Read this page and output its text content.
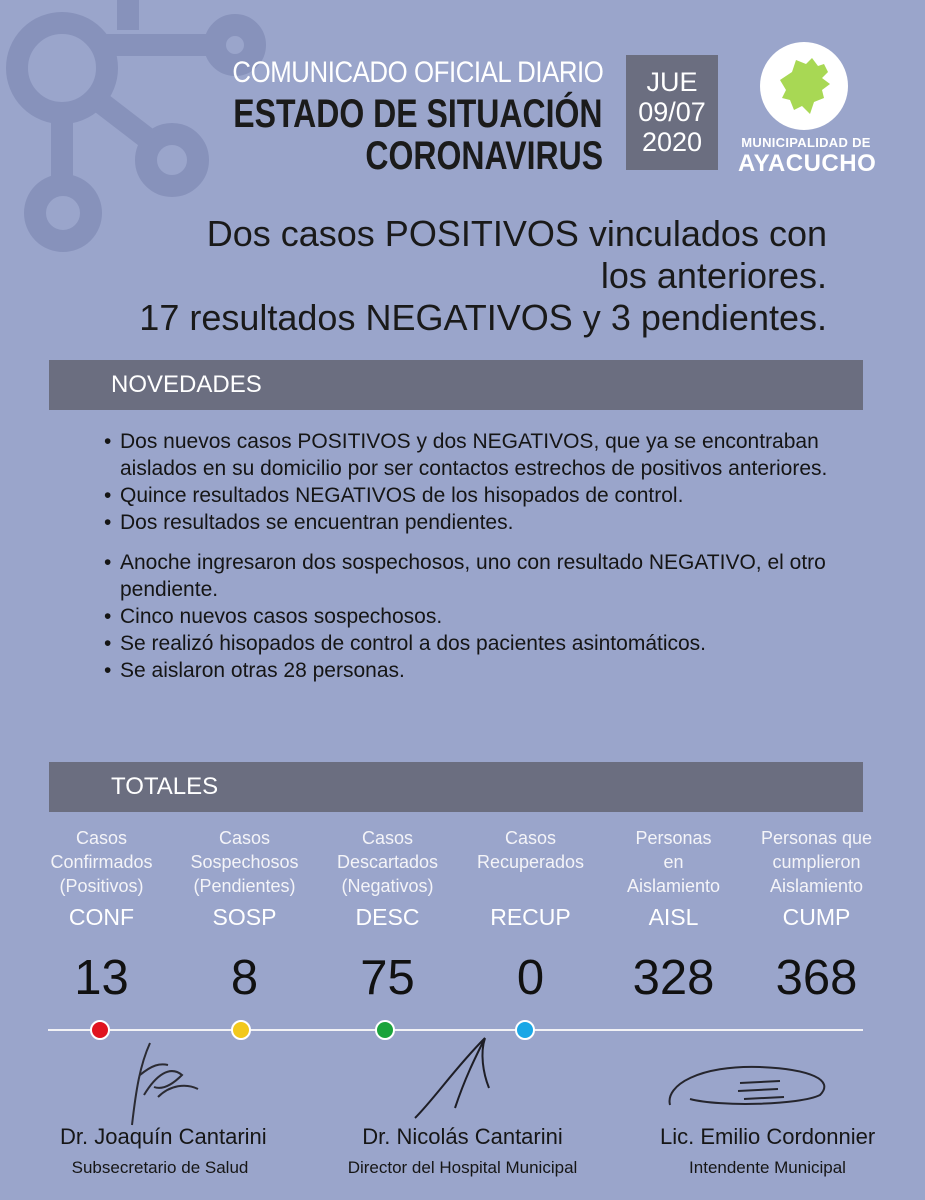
COMUNICADO OFICIAL DIARIO
ESTADO DE SITUACIÓN
CORONAVIRUS
JUE
09/07
2020	MUNICIPALIDAD DE
AYACUCHO
Dos casos POSITIVOS vinculados con
los anteriores.
17 resultados NEGATIVOS y 3 pendientes.
NOVEDADES
• Dos nuevos casos POSITIVOS y dos NEGATIVOS, que ya se encontraban aislados en su domicilio por ser contactos estrechos de positivos anteriores.
• Quince resultados NEGATIVOS de los hisopados de control.
• Dos resultados se encuentran pendientes.
• Anoche ingresaron dos sospechosos, uno con resultado NEGATIVO, el otro pendiente.
• Cinco nuevos casos sospechosos.
• Se realizó hisopados de control a dos pacientes asintomáticos.
• Se aislaron otras 28 personas.
TOTALES
Casos
Confirmados
(Positivos)
CONF
13
Casos
Sospechosos
(Pendientes)
SOSP
8
Casos
Descartados
(Negativos)
DESC
75
Casos
Recuperados
RECUP
0
Personas
en
Aislamiento
AISL
328
Personas que
cumplieron
Aislamiento
CUMP
368
Dr. Joaquín Cantarini
Subsecretario de Salud
Dr. Nicolás Cantarini
Director del Hospital Municipal
Lic. Emilio Cordonnier
Intendente Municipal
